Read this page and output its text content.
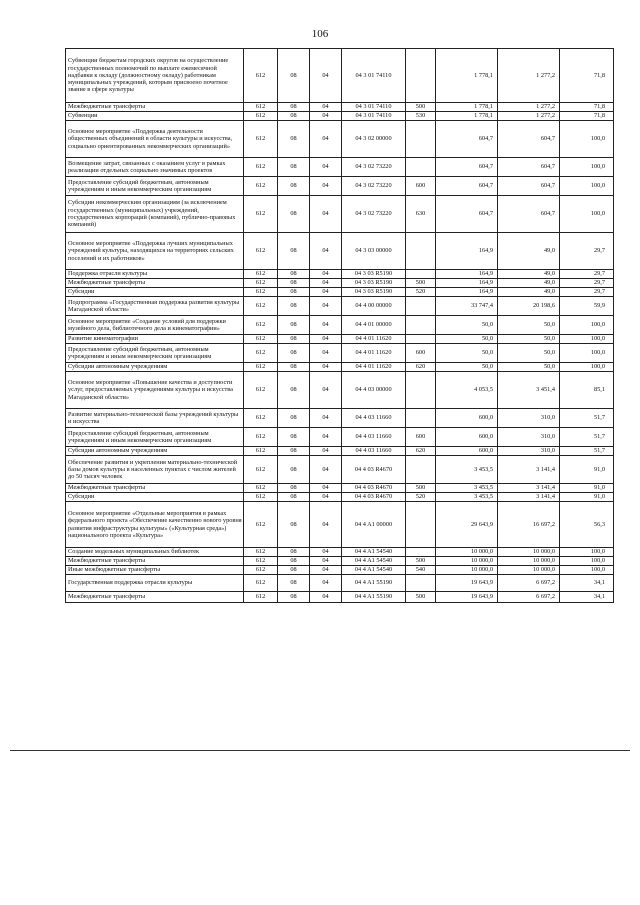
106
Субвенции бюджетам городских округов на осуществление государственных полномочий по выплате ежемесячной надбавки к окладу (должностному окладу) работникам муниципальных учреждений, которым присвоено почетное звание в сфере культуры	612	08	04	04 3 01 74110		1 778,1	1 277,2	71,8
Межбюджетные трансферты	612	08	04	04 3 01 74110	500	1 778,1	1 277,2	71,8
Субвенции	612	08	04	04 3 01 74110	530	1 778,1	1 277,2	71,8
Основное мероприятие «Поддержка деятельности общественных объединений в области культуры и искусства, социально ориентированных некоммерческих организаций»	612	08	04	04 3 02 00000		604,7	604,7	100,0
Возмещение затрат, связанных с оказанием услуг в рамках реализации отдельных социально значимых проектов	612	08	04	04 3 02 73220		604,7	604,7	100,0
Предоставление субсидий бюджетным, автономным учреждениям и иным некоммерческим организациям	612	08	04	04 3 02 73220	600	604,7	604,7	100,0
Субсидии некоммерческим организациям (за исключением государственных (муниципальных) учреждений, государственных корпораций (компаний), публично-правовых компаний)	612	08	04	04 3 02 73220	630	604,7	604,7	100,0
Основное мероприятие «Поддержка лучших муниципальных учреждений культуры, находящихся на территориях сельских поселений и их работников»	612	08	04	04 3 03 00000		164,9	49,0	29,7
Поддержка отрасли культуры	612	08	04	04 3 03 R5190		164,9	49,0	29,7
Межбюджетные трансферты	612	08	04	04 3 03 R5190	500	164,9	49,0	29,7
Субсидии	612	08	04	04 3 03 R5190	520	164,9	49,0	29,7
Подпрограмма «Государственная поддержка развития культуры Магаданской области»	612	08	04	04 4 00 00000		33 747,4	20 198,6	59,9
Основное мероприятие «Создание условий для поддержки музейного дела, библиотечного дела и кинематографии»	612	08	04	04 4 01 00000		50,0	50,0	100,0
Развитие кинематографии	612	08	04	04 4 01 11620		50,0	50,0	100,0
Предоставление субсидий бюджетным, автономным учреждениям и иным некоммерческим организациям	612	08	04	04 4 01 11620	600	50,0	50,0	100,0
Субсидии автономным учреждениям	612	08	04	04 4 01 11620	620	50,0	50,0	100,0
Основное мероприятие «Повышение качества и доступности услуг, предоставляемых учреждениями культуры и искусства Магаданской области»	612	08	04	04 4 03 00000		4 053,5	3 451,4	85,1
Развитие материально-технической базы учреждений культуры и искусства	612	08	04	04 4 03 11660		600,0	310,0	51,7
Предоставление субсидий бюджетным, автономным учреждениям и иным некоммерческим организациям	612	08	04	04 4 03 11660	600	600,0	310,0	51,7
Субсидии автономным учреждениям	612	08	04	04 4 03 11660	620	600,0	310,0	51,7
Обеспечение развития и укрепления материально-технической базы домов культуры в населенных пунктах с числом жителей до 50 тысяч человек	612	08	04	04 4 03 R4670		3 453,5	3 141,4	91,0
Межбюджетные трансферты	612	08	04	04 4 03 R4670	500	3 453,5	3 141,4	91,0
Субсидии	612	08	04	04 4 03 R4670	520	3 453,5	3 141,4	91,0
Основное мероприятие «Отдельные мероприятия в рамках федерального проекта «Обеспечение качественно нового уровня развития инфраструктуры культуры» («Культурная среда») национального проекта «Культура»	612	08	04	04 4 A1 00000		29 643,9	16 697,2	56,3
Создание модельных муниципальных библиотек	612	08	04	04 4 A1 54540		10 000,0	10 000,0	100,0
Межбюджетные трансферты	612	08	04	04 4 A1 54540	500	10 000,0	10 000,0	100,0
Иные межбюджетные трансферты	612	08	04	04 4 A1 54540	540	10 000,0	10 000,0	100,0
Государственная поддержка отрасли культуры	612	08	04	04 4 A1 55190		19 643,9	6 697,2	34,1
Межбюджетные трансферты	612	08	04	04 4 A1 55190	500	19 643,9	6 697,2	34,1
